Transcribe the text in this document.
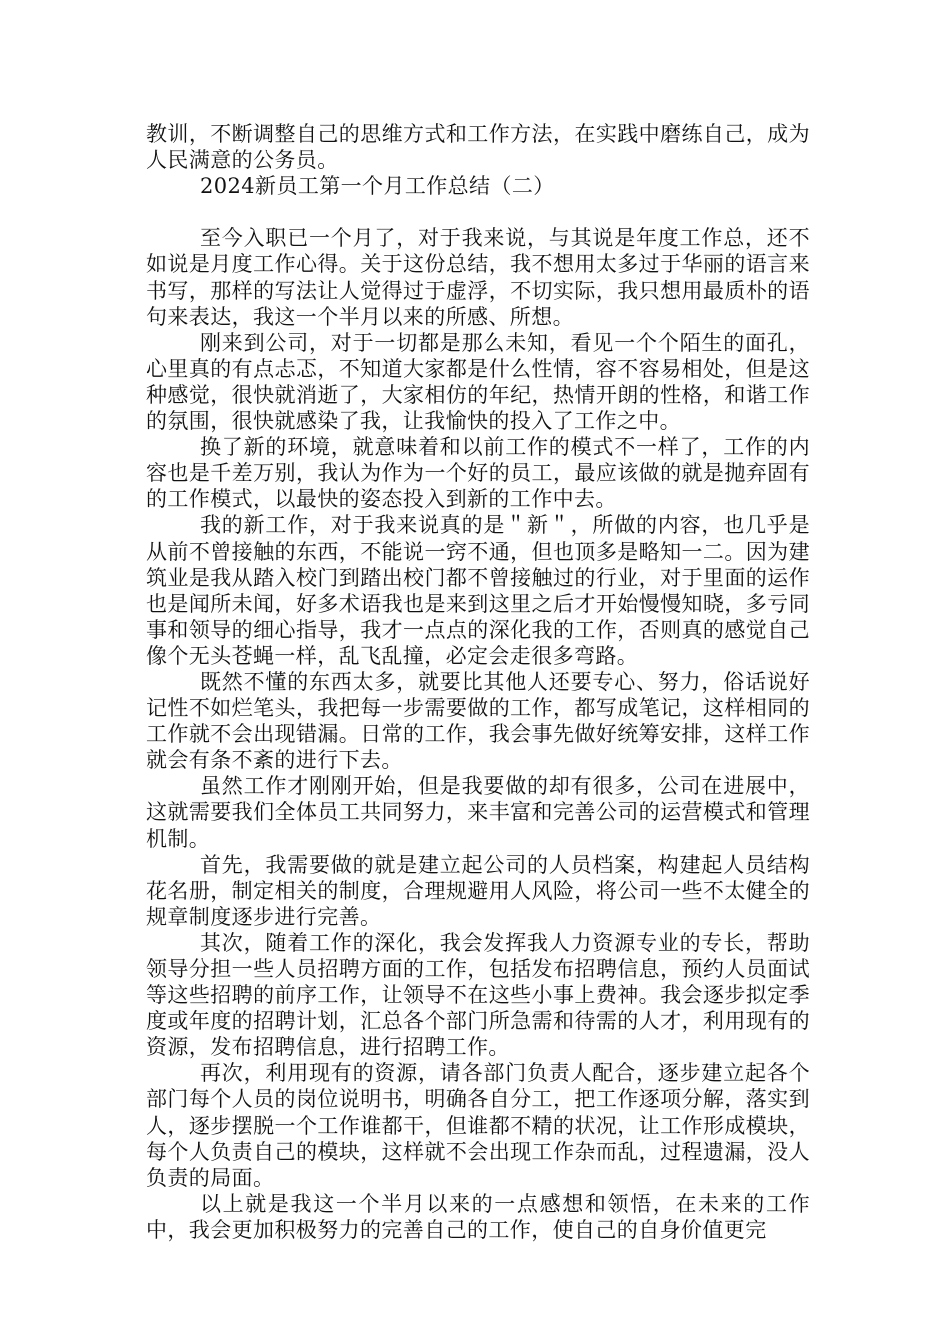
教训，不断调整自己的思维方式和工作方法，在实践中磨练自己，成为人民满意的公务员。

2024新员工第一个月工作总结（二）

至今入职已一个月了，对于我来说，与其说是年度工作总，还不如说是月度工作心得。关于这份总结，我不想用太多过于华丽的语言来书写，那样的写法让人觉得过于虚浮，不切实际，我只想用最质朴的语句来表达，我这一个半月以来的所感、所想。

刚来到公司，对于一切都是那么未知，看见一个个陌生的面孔，心里真的有点忐忑，不知道大家都是什么性情，容不容易相处，但是这种感觉，很快就消逝了，大家相仿的年纪，热情开朗的性格，和谐工作的氛围，很快就感染了我，让我愉快的投入了工作之中。

换了新的环境，就意味着和以前工作的模式不一样了，工作的内容也是千差万别，我认为作为一个好的员工，最应该做的就是抛弃固有的工作模式，以最快的姿态投入到新的工作中去。

我的新工作，对于我来说真的是＂新＂，所做的内容，也几乎是从前不曾接触的东西，不能说一窍不通，但也顶多是略知一二。因为建筑业是我从踏入校门到踏出校门都不曾接触过的行业，对于里面的运作也是闻所未闻，好多术语我也是来到这里之后才开始慢慢知晓，多亏同事和领导的细心指导，我才一点点的深化我的工作，否则真的感觉自己像个无头苍蝇一样，乱飞乱撞，必定会走很多弯路。

既然不懂的东西太多，就要比其他人还要专心、努力，俗话说好记性不如烂笔头，我把每一步需要做的工作，都写成笔记，这样相同的工作就不会出现错漏。日常的工作，我会事先做好统筹安排，这样工作就会有条不紊的进行下去。

虽然工作才刚刚开始，但是我要做的却有很多，公司在进展中，这就需要我们全体员工共同努力，来丰富和完善公司的运营模式和管理机制。

首先，我需要做的就是建立起公司的人员档案，构建起人员结构花名册，制定相关的制度，合理规避用人风险，将公司一些不太健全的规章制度逐步进行完善。

其次，随着工作的深化，我会发挥我人力资源专业的专长，帮助领导分担一些人员招聘方面的工作，包括发布招聘信息，预约人员面试等这些招聘的前序工作，让领导不在这些小事上费神。我会逐步拟定季度或年度的招聘计划，汇总各个部门所急需和待需的人才，利用现有的资源，发布招聘信息，进行招聘工作。

再次，利用现有的资源，请各部门负责人配合，逐步建立起各个部门每个人员的岗位说明书，明确各自分工，把工作逐项分解，落实到人，逐步摆脱一个工作谁都干，但谁都不精的状况，让工作形成模块，每个人负责自己的模块，这样就不会出现工作杂而乱，过程遗漏，没人负责的局面。

以上就是我这一个半月以来的一点感想和领悟，在未来的工作中，我会更加积极努力的完善自己的工作，使自己的自身价值更完
